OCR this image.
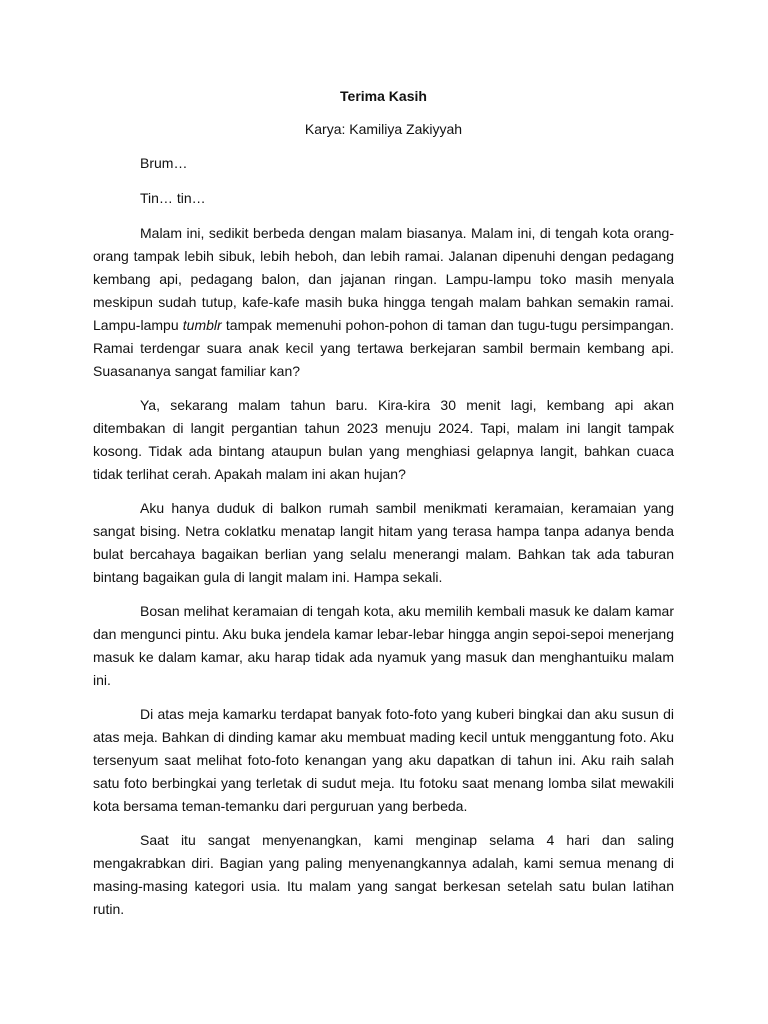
Terima Kasih
Karya: Kamiliya Zakiyyah

Brum…

Tin… tin…

Malam ini, sedikit berbeda dengan malam biasanya. Malam ini, di tengah kota orang-orang tampak lebih sibuk, lebih heboh, dan lebih ramai. Jalanan dipenuhi dengan pedagang kembang api, pedagang balon, dan jajanan ringan. Lampu-lampu toko masih menyala meskipun sudah tutup, kafe-kafe masih buka hingga tengah malam bahkan semakin ramai. Lampu-lampu tumblr tampak memenuhi pohon-pohon di taman dan tugu-tugu persimpangan. Ramai terdengar suara anak kecil yang tertawa berkejaran sambil bermain kembang api. Suasananya sangat familiar kan?

Ya, sekarang malam tahun baru. Kira-kira 30 menit lagi, kembang api akan ditembakan di langit pergantian tahun 2023 menuju 2024. Tapi, malam ini langit tampak kosong. Tidak ada bintang ataupun bulan yang menghiasi gelapnya langit, bahkan cuaca tidak terlihat cerah. Apakah malam ini akan hujan?

Aku hanya duduk di balkon rumah sambil menikmati keramaian, keramaian yang sangat bising. Netra coklatku menatap langit hitam yang terasa hampa tanpa adanya benda bulat bercahaya bagaikan berlian yang selalu menerangi malam. Bahkan tak ada taburan bintang bagaikan gula di langit malam ini. Hampa sekali.

Bosan melihat keramaian di tengah kota, aku memilih kembali masuk ke dalam kamar dan mengunci pintu. Aku buka jendela kamar lebar-lebar hingga angin sepoi-sepoi menerjang masuk ke dalam kamar, aku harap tidak ada nyamuk yang masuk dan menghantuiku malam ini.

Di atas meja kamarku terdapat banyak foto-foto yang kuberi bingkai dan aku susun di atas meja. Bahkan di dinding kamar aku membuat mading kecil untuk menggantung foto. Aku tersenyum saat melihat foto-foto kenangan yang aku dapatkan di tahun ini. Aku raih salah satu foto berbingkai yang terletak di sudut meja. Itu fotoku saat menang lomba silat mewakili kota bersama teman-temanku dari perguruan yang berbeda.

Saat itu sangat menyenangkan, kami menginap selama 4 hari dan saling mengakrabkan diri. Bagian yang paling menyenangkannya adalah, kami semua menang di masing-masing kategori usia. Itu malam yang sangat berkesan setelah satu bulan latihan rutin.
